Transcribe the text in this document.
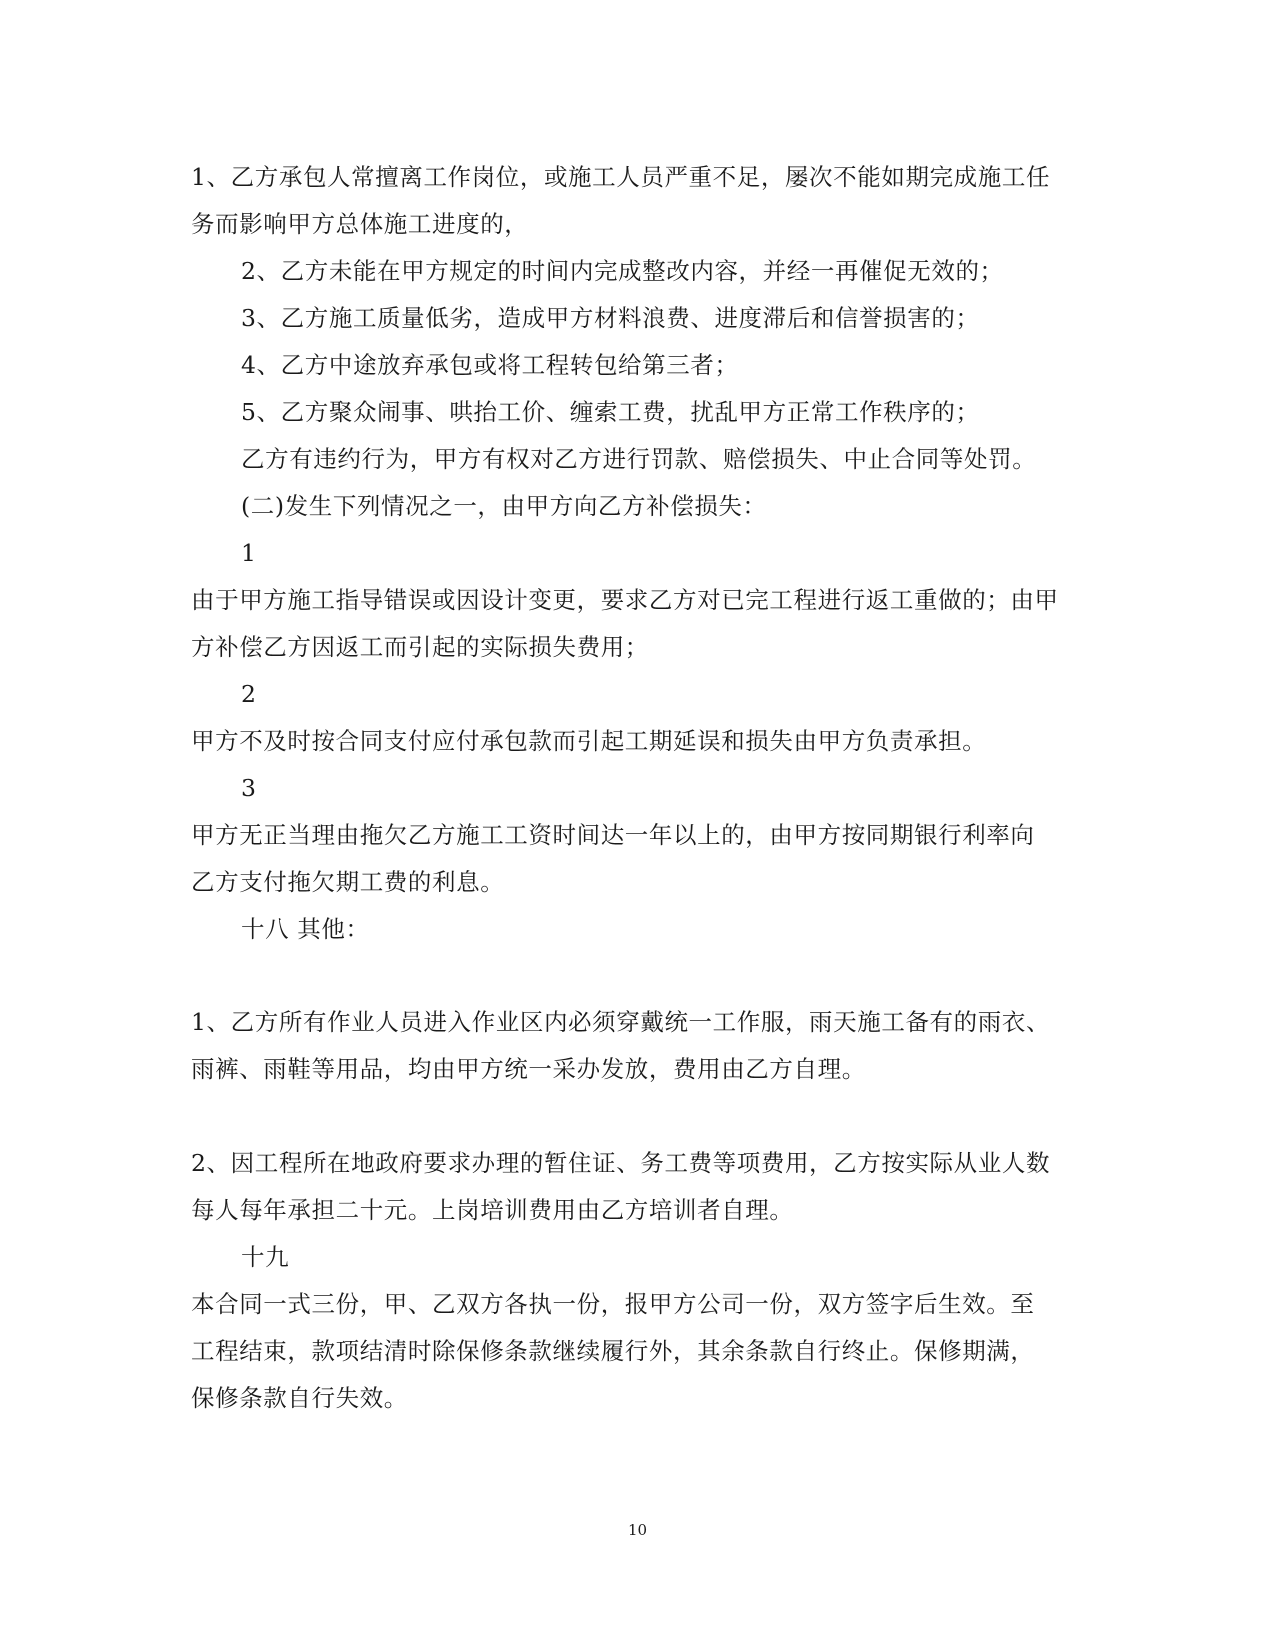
1、乙方承包人常擅离工作岗位，或施工人员严重不足，屡次不能如期完成施工任
务而影响甲方总体施工进度的，
2、乙方未能在甲方规定的时间内完成整改内容，并经一再催促无效的；
3、乙方施工质量低劣，造成甲方材料浪费、进度滞后和信誉损害的；
4、乙方中途放弃承包或将工程转包给第三者；
5、乙方聚众闹事、哄抬工价、缠索工费，扰乱甲方正常工作秩序的；
乙方有违约行为，甲方有权对乙方进行罚款、赔偿损失、中止合同等处罚。
(二)发生下列情况之一，由甲方向乙方补偿损失：
1
由于甲方施工指导错误或因设计变更，要求乙方对已完工程进行返工重做的；由甲
方补偿乙方因返工而引起的实际损失费用；
2
甲方不及时按合同支付应付承包款而引起工期延误和损失由甲方负责承担。
3
甲方无正当理由拖欠乙方施工工资时间达一年以上的，由甲方按同期银行利率向
乙方支付拖欠期工费的利息。
十八 其他：
1、乙方所有作业人员进入作业区内必须穿戴统一工作服，雨天施工备有的雨衣、
雨裤、雨鞋等用品，均由甲方统一采办发放，费用由乙方自理。
2、因工程所在地政府要求办理的暂住证、务工费等项费用，乙方按实际从业人数
每人每年承担二十元。上岗培训费用由乙方培训者自理。
十九
本合同一式三份，甲、乙双方各执一份，报甲方公司一份，双方签字后生效。至
工程结束，款项结清时除保修条款继续履行外，其余条款自行终止。保修期满，
保修条款自行失效。
10
